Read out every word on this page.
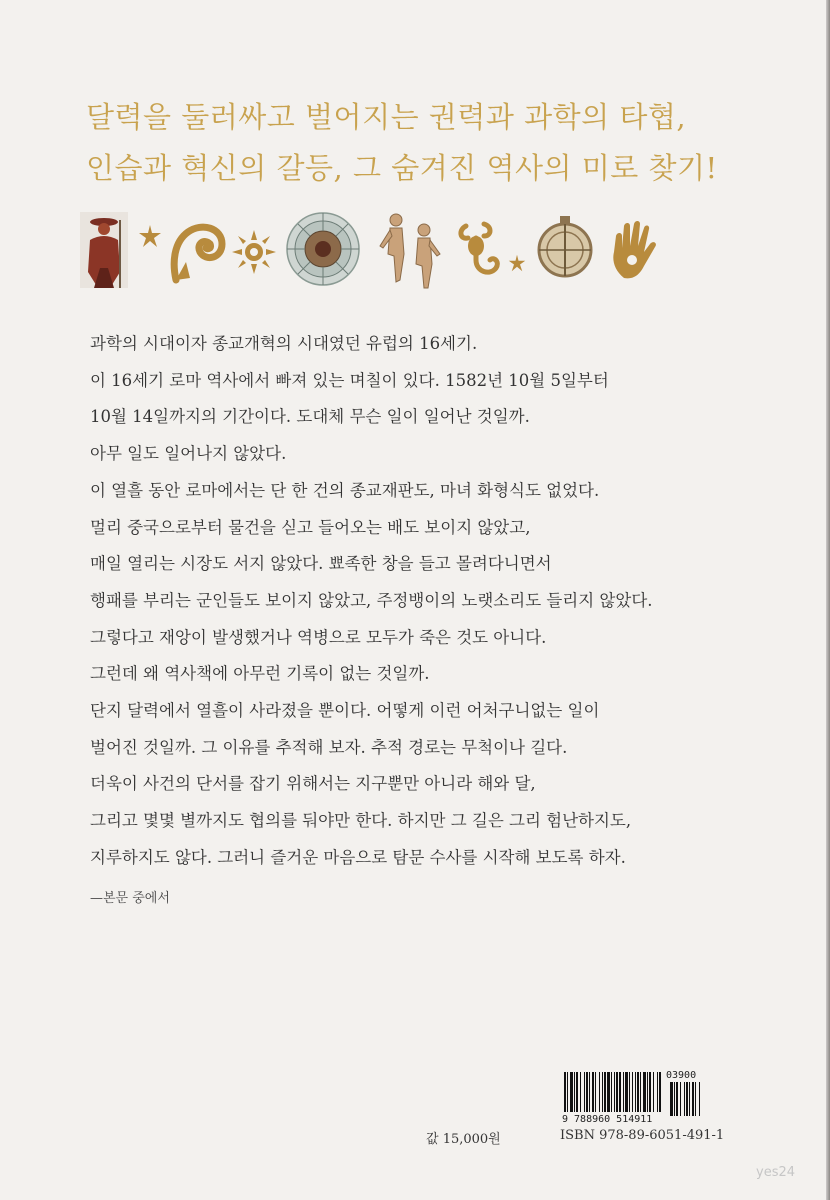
달력을 둘러싸고 벌어지는 권력과 과학의 타협,
인습과 혁신의 갈등, 그 숨겨진 역사의 미로 찾기!
과학의 시대이자 종교개혁의 시대였던 유럽의 16세기.
이 16세기 로마 역사에서 빠져 있는 며칠이 있다. 1582년 10월 5일부터
10월 14일까지의 기간이다. 도대체 무슨 일이 일어난 것일까.
아무 일도 일어나지 않았다.
이 열흘 동안 로마에서는 단 한 건의 종교재판도, 마녀 화형식도 없었다.
멀리 중국으로부터 물건을 싣고 들어오는 배도 보이지 않았고,
매일 열리는 시장도 서지 않았다. 뾰족한 창을 들고 몰려다니면서
행패를 부리는 군인들도 보이지 않았고, 주정뱅이의 노랫소리도 들리지 않았다.
그렇다고 재앙이 발생했거나 역병으로 모두가 죽은 것도 아니다.
그런데 왜 역사책에 아무런 기록이 없는 것일까.
단지 달력에서 열흘이 사라졌을 뿐이다. 어떻게 이런 어처구니없는 일이
벌어진 것일까. 그 이유를 추적해 보자. 추적 경로는 무척이나 길다.
더욱이 사건의 단서를 잡기 위해서는 지구뿐만 아니라 해와 달,
그리고 몇몇 별까지도 협의를 둬야만 한다. 하지만 그 길은 그리 험난하지도,
지루하지도 않다. 그러니 즐거운 마음으로 탐문 수사를 시작해 보도록 하자.
—본문 중에서
값 15,000원
03900
9 788960 514911
ISBN 978-89-6051-491-1
yes24
